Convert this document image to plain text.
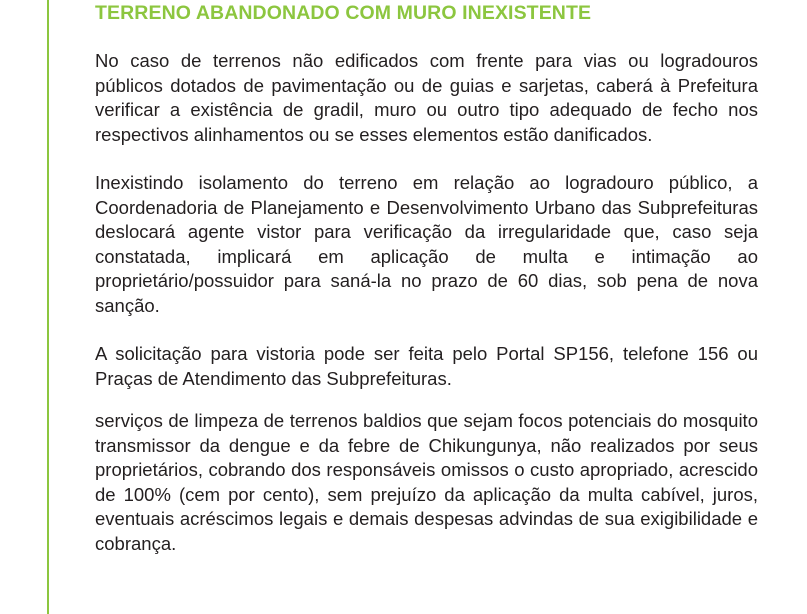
TERRENO ABANDONADO COM MURO INEXISTENTE

No caso de terrenos não edificados com frente para vias ou logradouros públicos dotados de pavimentação ou de guias e sarjetas, caberá à Prefeitura verificar a existência de gradil, muro ou outro tipo adequado de fecho nos respectivos alinhamentos ou se esses elementos estão danificados.

Inexistindo isolamento do terreno em relação ao logradouro público, a Coordenadoria de Planejamento e Desenvolvimento Urbano das Subprefeituras deslocará agente vistor para verificação da irregularidade que, caso seja constatada, implicará em aplicação de multa e intimação ao proprietário/possuidor para saná-la no prazo de 60 dias, sob pena de nova sanção.

A solicitação para vistoria pode ser feita pelo Portal SP156, telefone 156 ou Praças de Atendimento das Subprefeituras.

serviços de limpeza de terrenos baldios que sejam focos potenciais do mosquito transmissor da dengue e da febre de Chikungunya, não realizados por seus proprietários, cobrando dos responsáveis omissos o custo apropriado, acrescido de 100% (cem por cento), sem prejuízo da aplicação da multa cabível, juros, eventuais acréscimos legais e demais despesas advindas de sua exigibilidade e cobrança.
